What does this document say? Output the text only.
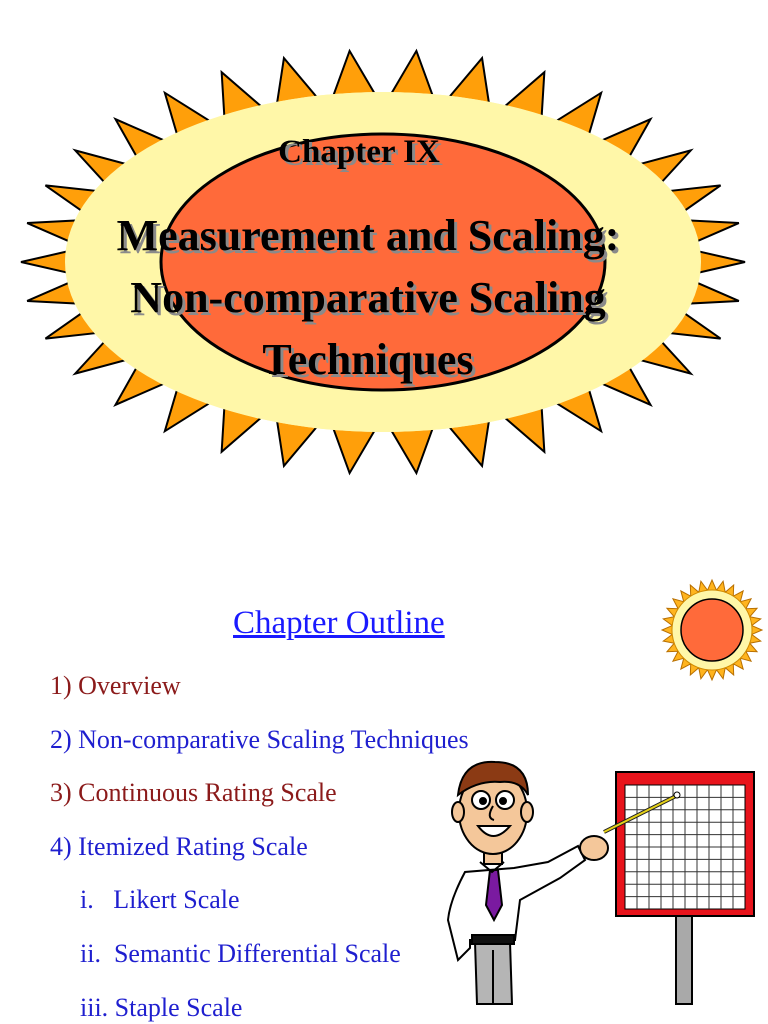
Chapter IX
Measurement and Scaling:
Non-comparative Scaling
Techniques
Chapter Outline
1) Overview
2) Non-comparative Scaling Techniques
3) Continuous Rating Scale
4) Itemized Rating Scale
i.   Likert Scale
ii.  Semantic Differential Scale
iii. Staple Scale
